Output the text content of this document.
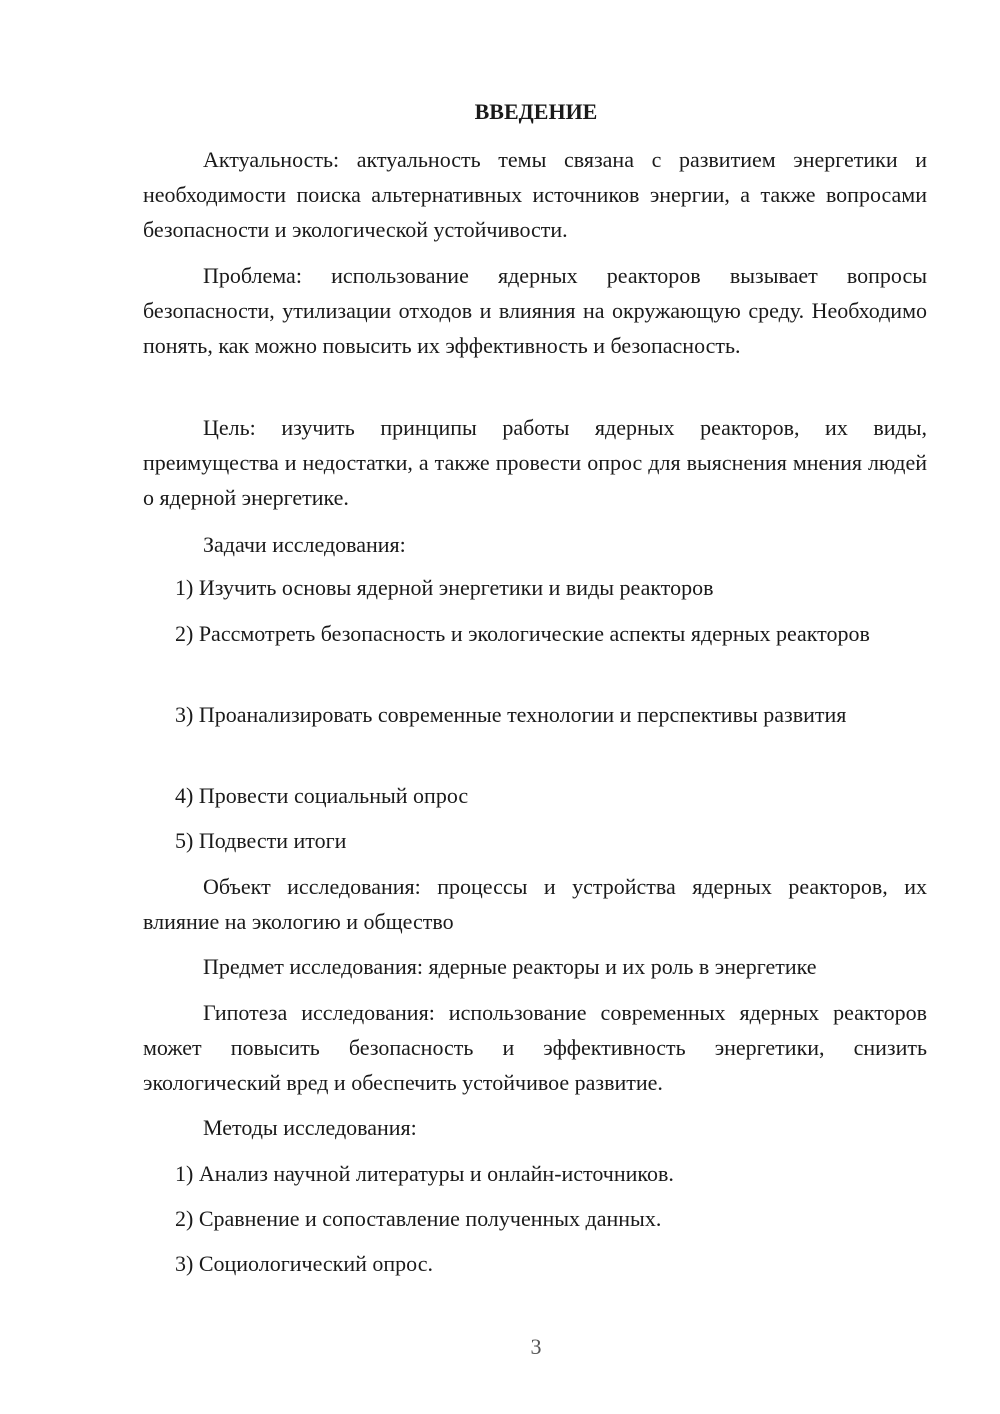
ВВЕДЕНИЕ

Актуальность: актуальность темы связана с развитием энергетики и необходимости поиска альтернативных источников энергии, а также вопросами безопасности и экологической устойчивости.

Проблема: использование ядерных реакторов вызывает вопросы безопасности, утилизации отходов и влияния на окружающую среду. Необходимо понять, как можно повысить их эффективность и безопасность.

Цель: изучить принципы работы ядерных реакторов, их виды, преимущества и недостатки, а также провести опрос для выяснения мнения людей о ядерной энергетике.

Задачи исследования:

1) Изучить основы ядерной энергетики и виды реакторов

2) Рассмотреть безопасность и экологические аспекты ядерных реакторов

3) Проанализировать современные технологии и перспективы развития

4) Провести социальный опрос

5) Подвести итоги

Объект исследования: процессы и устройства ядерных реакторов, их влияние на экологию и общество

Предмет исследования: ядерные реакторы и их роль в энергетике

Гипотеза исследования: использование современных ядерных реакторов может повысить безопасность и эффективность энергетики, снизить экологический вред и обеспечить устойчивое развитие.

Методы исследования:

1) Анализ научной литературы и онлайн-источников.

2) Сравнение и сопоставление полученных данных.

3) Социологический опрос.

3
